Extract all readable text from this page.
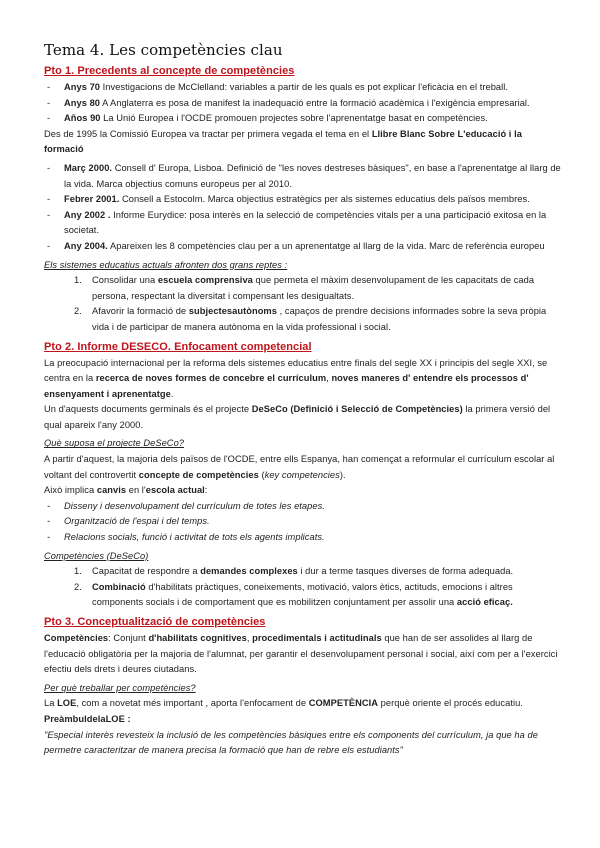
Tema 4. Les competències clau
Pto 1. Precedents al concepte de competències
- Anys 70 Investigacions de McClelland: variables a partir de les quals es pot explicar l'eficàcia en el treball.
- Anys 80 A Anglaterra es posa de manifest la inadequació entre la formació acadèmica i l'exigència empresarial.
- Años 90 La Unió Europea i l'OCDE promouen projectes sobre l'aprenentatge basat en competències.
Des de 1995 la Comissió Europea va tractar per primera vegada el tema en el Llibre Blanc Sobre L'educació i la formació
- Març 2000. Consell d' Europa, Lisboa. Definició de "les noves destreses bàsiques", en base a l'aprenentatge al llarg de la vida. Marca objectius comuns europeus per al 2010.
- Febrer 2001. Consell a Estocolm. Marca objectius estratègics per als sistemes educatius dels països membres.
- Any 2002 . Informe Eurydice: posa interès en la selecció de competències vitals per a una participació exitosa en la societat.
- Any 2004. Apareixen les 8 competències clau per a un aprenentatge al llarg de la vida. Marc de referència europeu
Els sistemes educatius actuals afronten dos grans reptes :
1. Consolidar una escuela comprensiva que permeta el màxim desenvolupament de les capacitats de cada persona, respectant la diversitat i compensant les desigualtats.
2. Afavorir la formació de subjectesautònoms , capaços de prendre decisions informades sobre la seva pròpia vida i de participar de manera autònoma en la vida professional i social.
Pto 2. Informe DESECO. Enfocament competencial
La preocupació internacional per la reforma dels sistemes educatius entre finals del segle XX i principis del segle XXI, se centra en la recerca de noves formes de concebre el currículum, noves maneres d' entendre els processos d' ensenyament i aprenentatge.
Un d'aquests documents germinals és el projecte DeSeCo (Definició i Selecció de Competències) la primera versió del qual apareix l'any 2000.
Què suposa el projecte DeSeCo?
A partir d'aquest, la majoria dels països de l'OCDE, entre ells Espanya, han començat a reformular el currículum escolar al voltant del controvertit concepte de competències (key competencies).
Això implica canvis en l'escola actual:
- Disseny i desenvolupament del currículum de totes les etapes.
- Organització de l'espai i del temps.
- Relacions socials, funció i activitat de tots els agents implicats.
Competències (DeSeCo)
1. Capacitat de respondre a demandes complexes i dur a terme tasques diverses de forma adequada.
2. Combinació d'habilitats pràctiques, coneixements, motivació, valors ètics, actituds, emocions i altres components socials i de comportament que es mobilitzen conjuntament per assolir una acció eficaç.
Pto 3. Conceptualització de competències
Competències: Conjunt d'habilitats cognitives, procedimentals i actitudinals que han de ser assolides al llarg de l'educació obligatòria per la majoria de l'alumnat, per garantir el desenvolupament personal i social, així com per a l'exercici efectiu dels drets i deures ciutadans.
Per què treballar per competències?
La LOE, com a novetat més important , aporta l'enfocament de COMPETÈNCIA perquè oriente el procés educatiu.
PreàmbuldelaLOE :
"Especial interès revesteix la inclusió de les competències bàsiques entre els components del currículum, ja que ha de permetre caracteritzar de manera precisa la formació que han de rebre els estudiants"
